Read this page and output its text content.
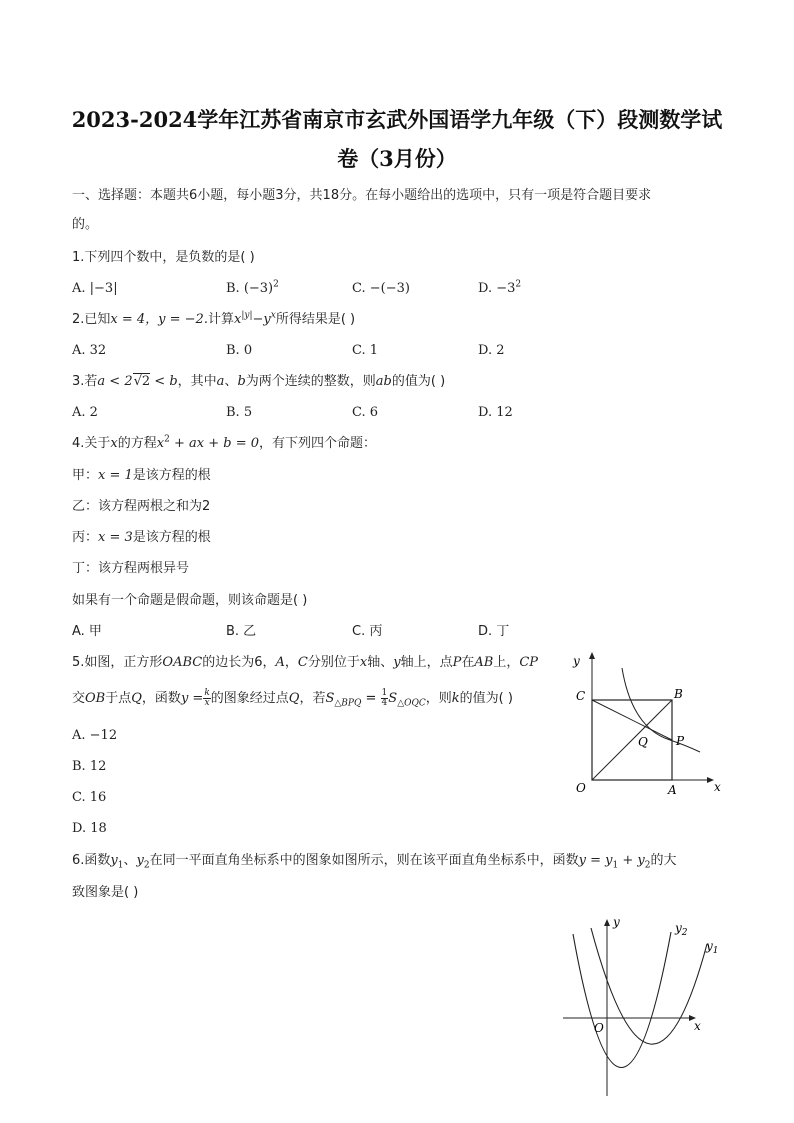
2023-2024学年江苏省南京市玄武外国语学九年级（下）段测数学试
卷（3月份）
一、选择题：本题共6小题，每小题3分，共18分。在每小题给出的选项中，只有一项是符合题目要求
的。
1.下列四个数中，是负数的是( )
A. |−3|	B. $(-3)^2$	C. −(−3)	D. $-3^2$
2.已知x = 4，y = −2.计算$x^{|y|}-y^x$所得结果是( )
A. 32	B. 0	C. 1	D. 2
3.若a < 2√2 < b，其中a、b为两个连续的整数，则ab的值为( )
A. 2	B. 5	C. 6	D. 12
4.关于x的方程$x^2$ + ax + b = 0，有下列四个命题：
甲：x = 1是该方程的根
乙：该方程两根之和为2
丙：x = 3是该方程的根
丁：该方程两根异号
如果有一个命题是假命题，则该命题是( )
A. 甲	B. 乙	C. 丙	D. 丁
5.如图，正方形OABC的边长为6，A，C分别位于x轴、y轴上，点P在AB上，CP
交OB于点Q，函数$y = \frac{k}{x}$ 的图象经过点Q，若$S_{\triangle BPQ} = \frac{1}{4} S_{\triangle OQC}$，则k的值为( )
A. −12
B. 12
C. 16
D. 18
y
C	B
Q P
O	A	x
6.函数$y_1$、$y_2$在同一平面直角坐标系中的图象如图所示，则在该平面直角坐标系中，函数$y = y_1 + y_2$的大
致图象是( )
y	$y_2$
$y_1$
O	x
